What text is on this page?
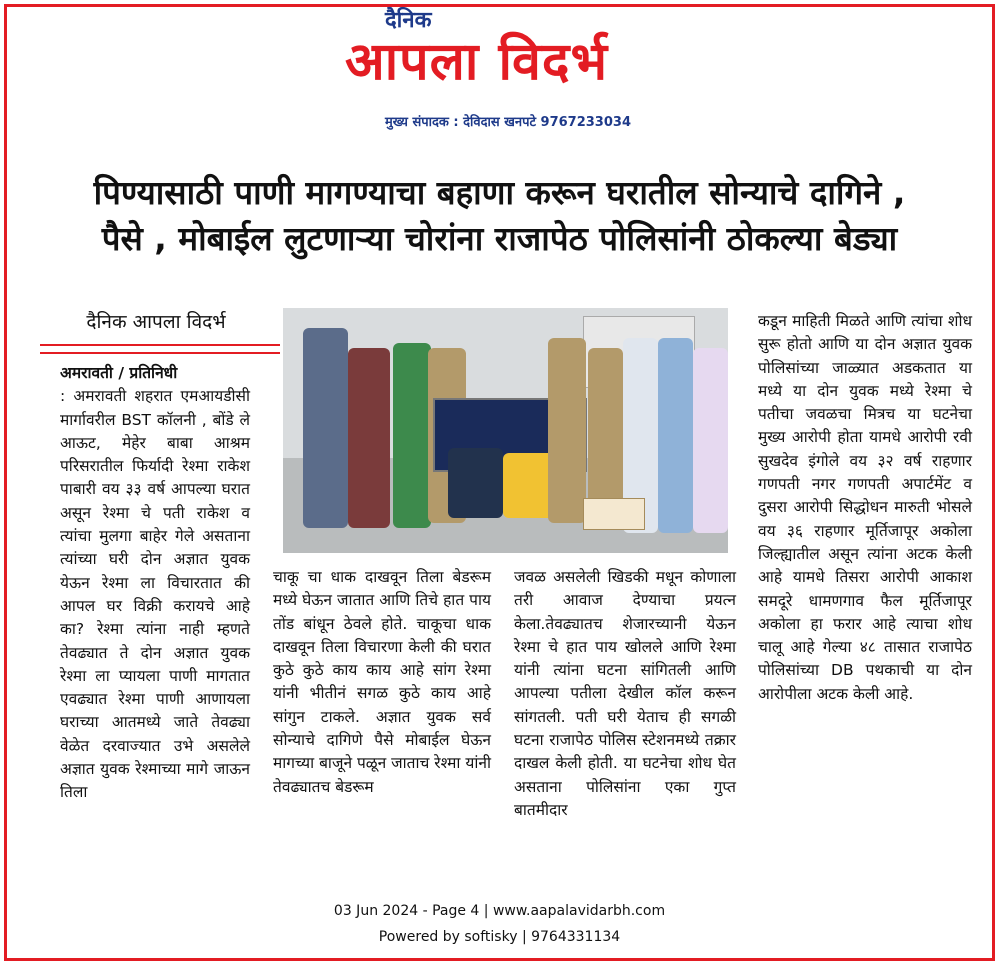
दैनिक
आपला विदर्भ
मुख्य संपादक : देविदास खनपटे 9767233034
पिण्यासाठी पाणी मागण्याचा बहाणा करून घरातील सोन्याचे दागिने ,
पैसे , मोबाईल लुटणाऱ्या चोरांना राजापेठ पोलिसांनी ठोकल्या बेड्या
दैनिक आपला विदर्भ
अमरावती / प्रतिनिधी
: अमरावती शहरात एमआयडीसी मार्गावरील BST कॉलनी , बोंडे ले आऊट, मेहेर बाबा आश्रम परिसरातील फिर्यादी रेश्मा राकेश पाबारी वय ३३ वर्ष आपल्या घरात असून रेश्मा चे पती राकेश व त्यांचा मुलगा बाहेर गेले असताना त्यांच्या घरी दोन अज्ञात युवक येऊन रेश्मा ला विचारतात की आपल घर विक्री करायचे आहे का? रेश्मा त्यांना नाही म्हणते तेवढ्यात ते दोन अज्ञात युवक रेश्मा ला प्यायला पाणी मागतात एवढ्यात रेश्मा पाणी आणायला घराच्या आतमध्ये जाते तेवढ्या वेळेत दरवाज्यात उभे असलेले अज्ञात युवक रेश्माच्या मागे जाऊन तिला
चाकू चा धाक दाखवून तिला बेडरूम मध्ये घेऊन जातात आणि तिचे हात पाय तोंड बांधून ठेवले होते. चाकूचा धाक दाखवून तिला विचारणा केली की घरात कुठे कुठे काय काय आहे सांग रेश्मा यांनी भीतीनं सगळ कुठे काय आहे सांगुन टाकले. अज्ञात युवक सर्व सोन्याचे दागिणे पैसे मोबाईल घेऊन मागच्या बाजूने पळून जाताच रेश्मा यांनी तेवढ्यातच बेडरूम
जवळ असलेली खिडकी मधून कोणाला तरी आवाज देण्याचा प्रयत्न केला.तेवढ्यातच शेजारच्यानी येऊन रेश्मा चे हात पाय खोलले आणि रेश्मा यांनी त्यांना घटना सांगितली आणि आपल्या पतीला देखील कॉल करून सांगतली. पती घरी येताच ही सगळी घटना राजापेठ पोलिस स्टेशनमध्ये तक्रार दाखल केली होती. या घटनेचा शोध घेत असताना पोलिसांना एका गुप्त बातमीदार
कडून माहिती मिळते आणि त्यांचा शोध सुरू होतो आणि या दोन अज्ञात युवक पोलिसांच्या जाळ्यात अडकतात या मध्ये या दोन युवक मध्ये रेश्मा चे पतीचा जवळचा मित्रच या घटनेचा मुख्य आरोपी होता यामधे आरोपी रवी सुखदेव इंगोले वय ३२ वर्ष राहणार गणपती नगर गणपती अपार्टमेंट व दुसरा आरोपी सिद्धोधन मारुती भोसले वय ३६ राहणार मूर्तिजापूर अकोला जिल्ह्यातील असून त्यांना अटक केली आहे यामधे तिसरा आरोपी आकाश समदूरे धामणगाव फैल मूर्तिजापूर अकोला हा फरार आहे त्याचा शोध चालू आहे गेल्या ४८ तासात राजापेठ पोलिसांच्या DB पथकाची या दोन आरोपीला अटक केली आहे.
03 Jun 2024 - Page 4 | www.aapalavidarbh.com
Powered by softisky | 9764331134
